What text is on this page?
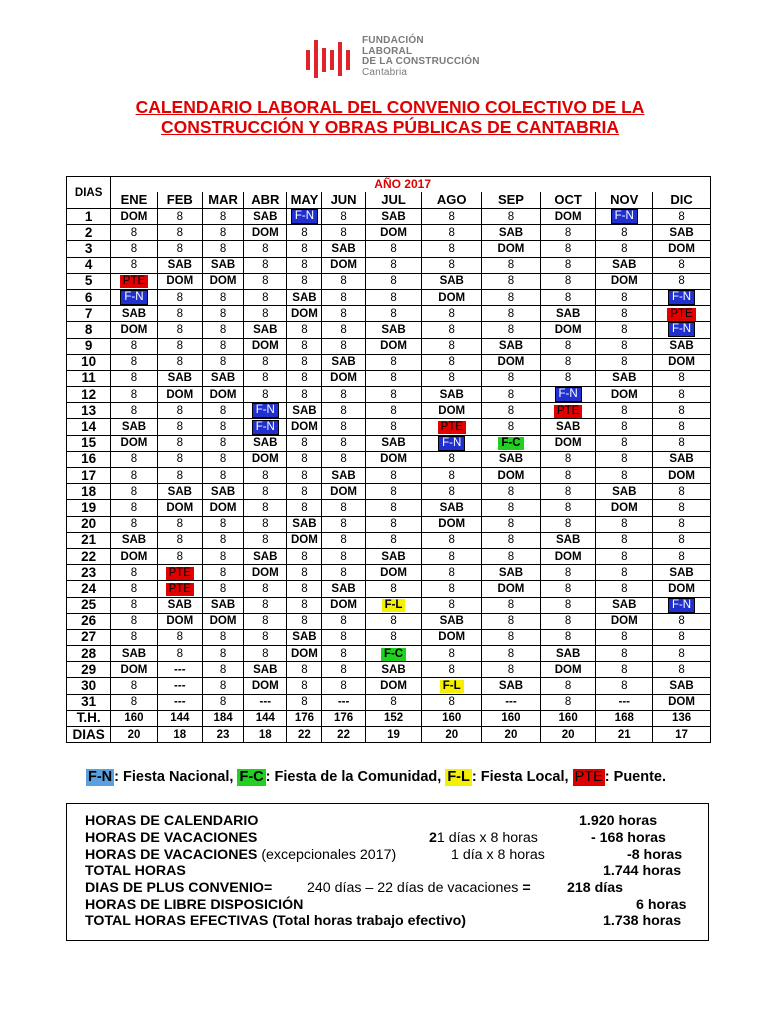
FUNDACIÓN
LABORAL
DE LA CONSTRUCCIÓN
Cantabria
CALENDARIO LABORAL DEL CONVENIO COLECTIVO DE LA
CONSTRUCCIÓN Y OBRAS PÚBLICAS DE CANTABRIA
DIAS	AÑO 2017											
	ENE	FEB	MAR	ABR	MAY	JUN	JUL	AGO	SEP	OCT	NOV	DIC
1	DOM	8	8	SAB	F-N	8	SAB	8	8	DOM	F-N	8
2	8	8	8	DOM	8	8	DOM	8	SAB	8	8	SAB
3	8	8	8	8	8	SAB	8	8	DOM	8	8	DOM
4	8	SAB	SAB	8	8	DOM	8	8	8	8	SAB	8
5	PTE	DOM	DOM	8	8	8	8	SAB	8	8	DOM	8
6	F-N	8	8	8	SAB	8	8	DOM	8	8	8	F-N
7	SAB	8	8	8	DOM	8	8	8	8	SAB	8	PTE
8	DOM	8	8	SAB	8	8	SAB	8	8	DOM	8	F-N
9	8	8	8	DOM	8	8	DOM	8	SAB	8	8	SAB
10	8	8	8	8	8	SAB	8	8	DOM	8	8	DOM
11	8	SAB	SAB	8	8	DOM	8	8	8	8	SAB	8
12	8	DOM	DOM	8	8	8	8	SAB	8	F-N	DOM	8
13	8	8	8	F-N	SAB	8	8	DOM	8	PTE	8	8
14	SAB	8	8	F-N	DOM	8	8	PTE	8	SAB	8	8
15	DOM	8	8	SAB	8	8	SAB	F-N	F-C	DOM	8	8
16	8	8	8	DOM	8	8	DOM	8	SAB	8	8	SAB
17	8	8	8	8	8	SAB	8	8	DOM	8	8	DOM
18	8	SAB	SAB	8	8	DOM	8	8	8	8	SAB	8
19	8	DOM	DOM	8	8	8	8	SAB	8	8	DOM	8
20	8	8	8	8	SAB	8	8	DOM	8	8	8	8
21	SAB	8	8	8	DOM	8	8	8	8	SAB	8	8
22	DOM	8	8	SAB	8	8	SAB	8	8	DOM	8	8
23	8	PTE	8	DOM	8	8	DOM	8	SAB	8	8	SAB
24	8	PTE	8	8	8	SAB	8	8	DOM	8	8	DOM
25	8	SAB	SAB	8	8	DOM	F-L	8	8	8	SAB	F-N
26	8	DOM	DOM	8	8	8	8	SAB	8	8	DOM	8
27	8	8	8	8	SAB	8	8	DOM	8	8	8	8
28	SAB	8	8	8	DOM	8	F-C	8	8	SAB	8	8
29	DOM	---	8	SAB	8	8	SAB	8	8	DOM	8	8
30	8	---	8	DOM	8	8	DOM	F-L	SAB	8	8	SAB
31	8	---	8	---	8	---	8	8	---	8	---	DOM
T.H.	160	144	184	144	176	176	152	160	160	160	168	136
DIAS	20	18	23	18	22	22	19	20	20	20	21	17
F-N : Fiesta Nacional, F-C : Fiesta de la Comunidad, F-L : Fiesta Local, PTE : Puente.
HORAS DE CALENDARIO	1.920 horas
HORAS DE VACACIONES	21 días x 8 horas	- 168 horas
HORAS DE VACACIONES (excepcionales 2017)	1 día x 8 horas	-8 horas
TOTAL HORAS	1.744 horas
DIAS DE PLUS CONVENIO= 240 días – 22 días de vacaciones =	218 días
HORAS DE LIBRE DISPOSICIÓN	6 horas
TOTAL HORAS EFECTIVAS (Total horas trabajo efectivo)	1.738 horas
